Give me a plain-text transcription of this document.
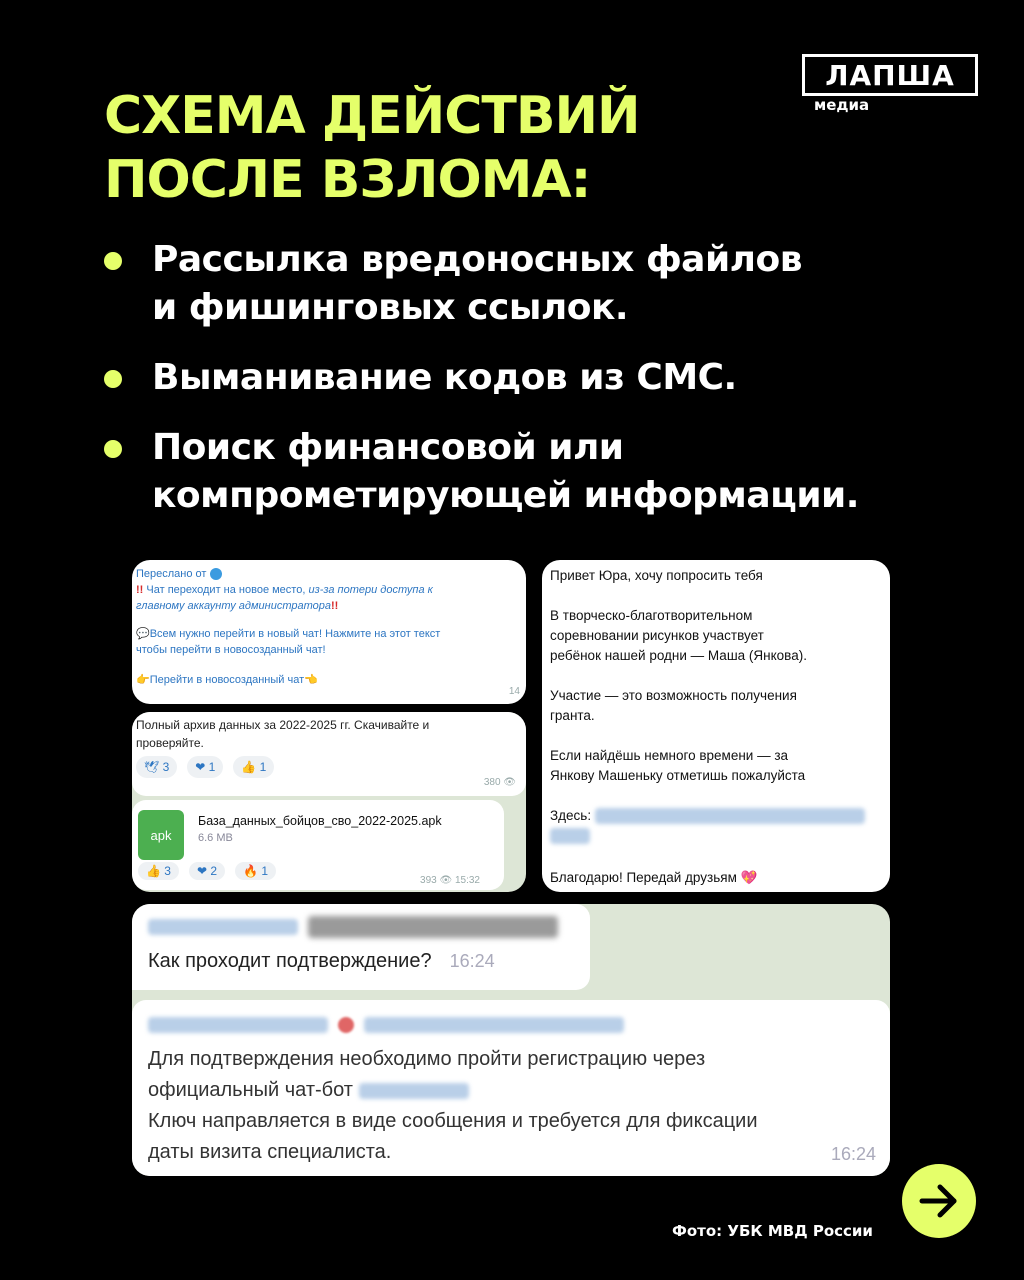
СХЕМА ДЕЙСТВИЙ
ПОСЛЕ ВЗЛОМА:
ЛАПША
медиа
Рассылка вредоносных файлов
и фишинговых ссылок.
Выманивание кодов из СМС.
Поиск финансовой или
компрометирующей информации.
Переслано от
!! Чат переходит на новое место, из-за потери доступа к
главному аккаунту администратора!!
💬Всем нужно перейти в новый чат! Нажмите на этот текст
чтобы перейти в новосозданный чат!
👉Перейти в новосозданный чат👈
14
Полный архив данных за 2022-2025 гг. Скачивайте и
проверяйте.
🕊 3	❤ 1	👍 1
380 👁
apk
База_данных_бойцов_сво_2022-2025.apk
6.6 MB
👍 3	❤ 2	🔥 1
393 👁 15:32
Привет Юра, хочу попросить тебя
В творческо-благотворительном
соревновании рисунков участвует
ребёнок нашей родни — Маша (Янкова).
Участие — это возможность получения
гранта.
Если найдёшь немного времени — за
Янкову Машеньку отметишь пожалуйста
Здесь:
Благодарю! Передай друзьям 💖
Как проходит подтверждение? 16:24
Для подтверждения необходимо пройти регистрацию через
официальный чат-бот
Ключ направляется в виде сообщения и требуется для фиксации
даты визита специалиста.	16:24
Фото: УБК МВД России
